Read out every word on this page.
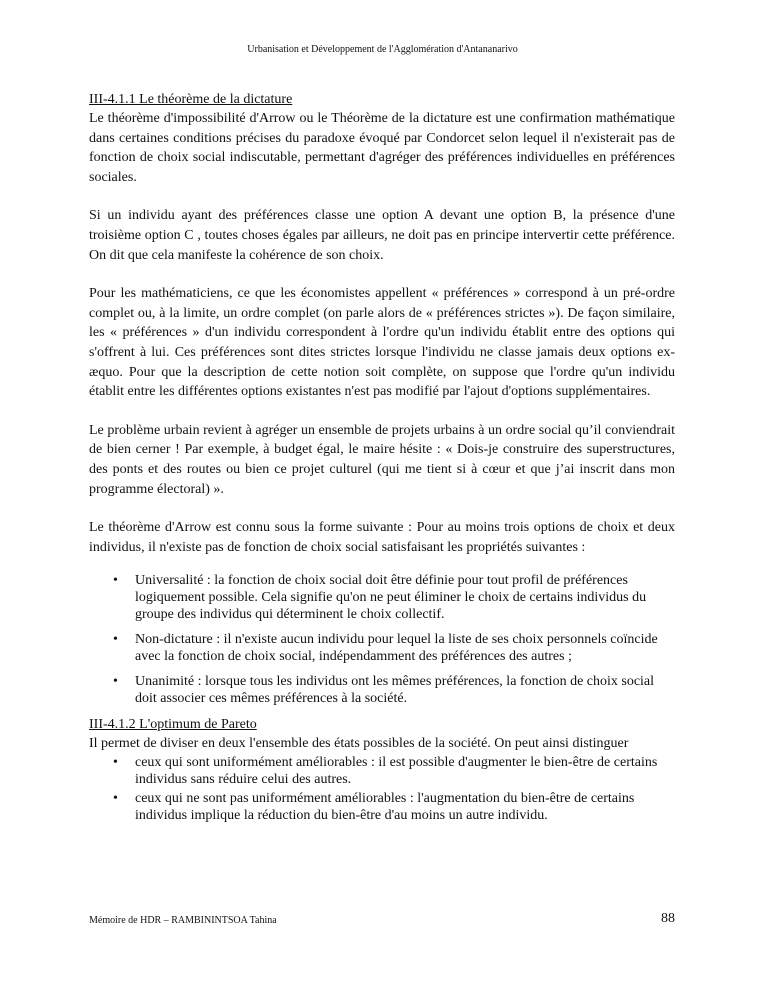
Urbanisation et Développement de l'Agglomération d'Antananarivo
III-4.1.1 Le théorème de la dictature

Le théorème d'impossibilité d'Arrow ou le Théorème de la dictature est une confirmation mathématique dans certaines conditions précises du paradoxe évoqué par Condorcet selon lequel il n'existerait pas de fonction de choix social indiscutable, permettant d'agréger des préférences individuelles en préférences sociales.

Si un individu ayant des préférences classe une option A devant une option B, la présence d'une troisième option C , toutes choses égales par ailleurs, ne doit pas en principe intervertir cette préférence. On dit que cela manifeste la cohérence de son choix.

Pour les mathématiciens, ce que les économistes appellent « préférences » correspond à un pré-ordre complet ou, à la limite, un ordre complet (on parle alors de « préférences strictes »). De façon similaire, les « préférences » d'un individu correspondent à l'ordre qu'un individu établit entre des options qui s'offrent à lui. Ces préférences sont dites strictes lorsque l'individu ne classe jamais deux options ex-æquo. Pour que la description de cette notion soit complète, on suppose que l'ordre qu'un individu établit entre les différentes options existantes n'est pas modifié par l'ajout d'options supplémentaires.

Le problème urbain revient à agréger un ensemble de projets urbains à un ordre social qu’il conviendrait de bien cerner ! Par exemple, à budget égal, le maire hésite : « Dois-je construire des superstructures, des ponts et des routes ou bien ce projet culturel (qui me tient si à cœur et que j’ai inscrit dans mon programme électoral) ».

Le théorème d'Arrow est connu sous la forme suivante : Pour au moins trois options de choix et deux individus, il n'existe pas de fonction de choix social satisfaisant les propriétés suivantes :

• Universalité : la fonction de choix social doit être définie pour tout profil de préférences logiquement possible. Cela signifie qu'on ne peut éliminer le choix de certains individus du groupe des individus qui déterminent le choix collectif.
• Non-dictature : il n'existe aucun individu pour lequel la liste de ses choix personnels coïncide avec la fonction de choix social, indépendamment des préférences des autres ;
• Unanimité : lorsque tous les individus ont les mêmes préférences, la fonction de choix social doit associer ces mêmes préférences à la société.
III-4.1.2 L'optimum de Pareto

Il permet de diviser en deux l'ensemble des états possibles de la société. On peut ainsi distinguer

• ceux qui sont uniformément améliorables : il est possible d'augmenter le bien-être de certains individus sans réduire celui des autres.
• ceux qui ne sont pas uniformément améliorables : l'augmentation du bien-être de certains individus implique la réduction du bien-être d'au moins un autre individu.
Mémoire de HDR – RAMBININTSOA Tahina	88
